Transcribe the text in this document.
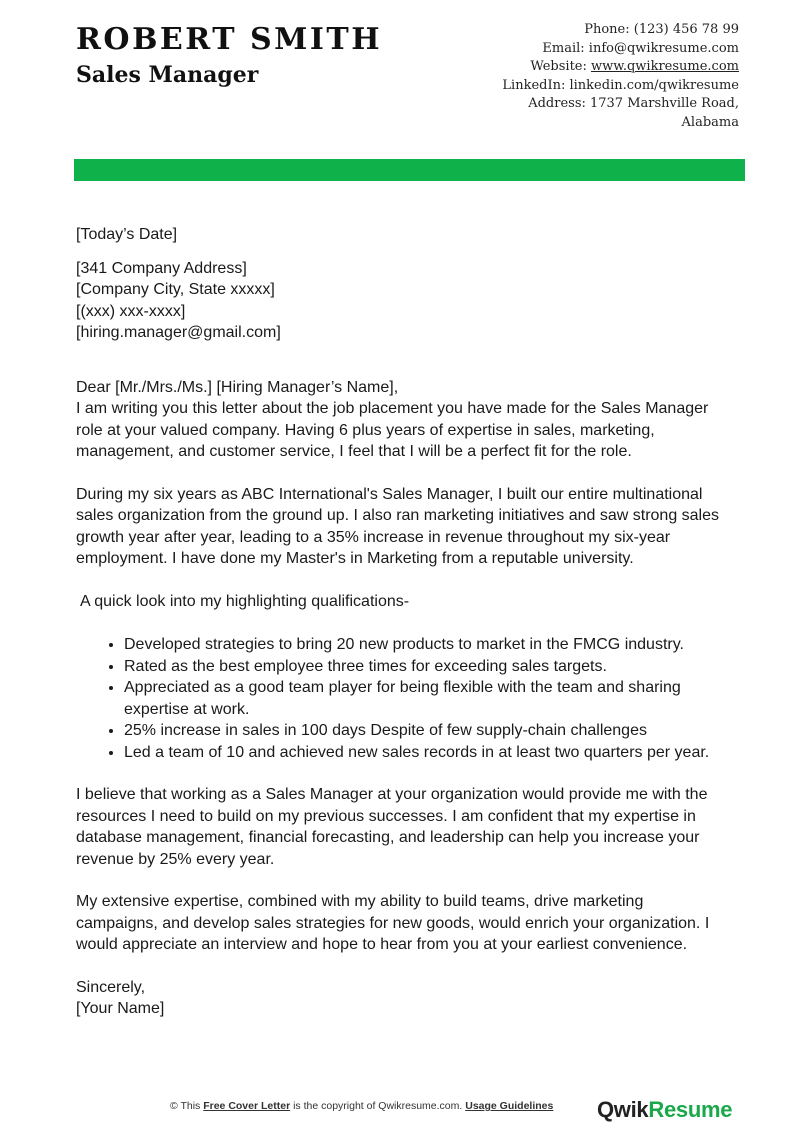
ROBERT SMITH
Sales Manager
Phone: (123) 456 78 99
Email: info@qwikresume.com
Website: www.qwikresume.com
LinkedIn: linkedin.com/qwikresume
Address: 1737 Marshville Road,
Alabama

[Today’s Date]

[341 Company Address]

[Company City, State xxxxx]

[(xxx) xxx-xxxx]

[hiring.manager@gmail.com]

Dear [Mr./Mrs./Ms.] [Hiring Manager’s Name],

I am writing you this letter about the job placement you have made for the Sales Manager role at your valued company. Having 6 plus years of expertise in sales, marketing, management, and customer service, I feel that I will be a perfect fit for the role.

During my six years as ABC International's Sales Manager, I built our entire multinational sales organization from the ground up. I also ran marketing initiatives and saw strong sales growth year after year, leading to a 35% increase in revenue throughout my six-year employment. I have done my Master's in Marketing from a reputable university.

A quick look into my highlighting qualifications-

• Developed strategies to bring 20 new products to market in the FMCG industry.
• Rated as the best employee three times for exceeding sales targets.
• Appreciated as a good team player for being flexible with the team and sharing expertise at work.
• 25% increase in sales in 100 days Despite of few supply-chain challenges
• Led a team of 10 and achieved new sales records in at least two quarters per year.

I believe that working as a Sales Manager at your organization would provide me with the resources I need to build on my previous successes. I am confident that my expertise in database management, financial forecasting, and leadership can help you increase your revenue by 25% every year.

My extensive expertise, combined with my ability to build teams, drive marketing campaigns, and develop sales strategies for new goods, would enrich your organization. I would appreciate an interview and hope to hear from you at your earliest convenience.

Sincerely,

[Your Name]

© This Free Cover Letter is the copyright of Qwikresume.com. Usage Guidelines QwikResume
